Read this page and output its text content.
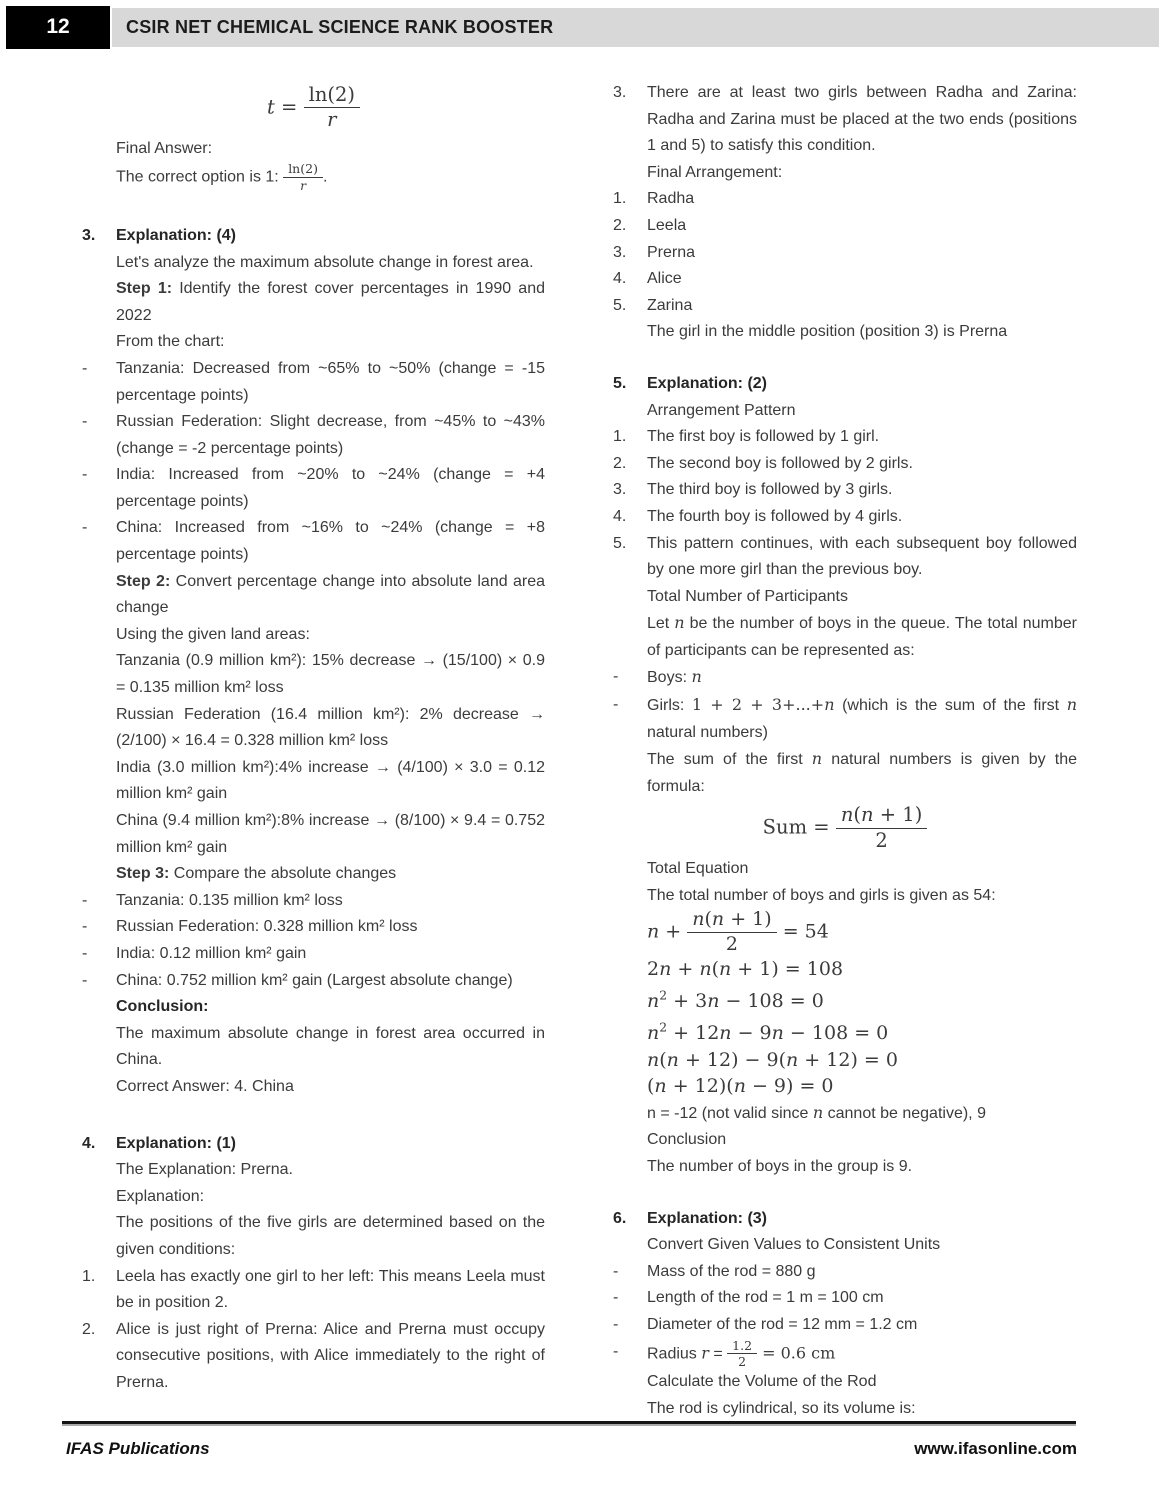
12	CSIR NET CHEMICAL SCIENCE RANK BOOSTER
$t = \frac{\ln(2)}{r}$
Final Answer:
The correct option is 1: $\frac{\ln(2)}{r}$ .
3.	Explanation: (4)
Let's analyze the maximum absolute change in forest area.
Step 1: Identify the forest cover percentages in 1990 and 2022
From the chart:
-	Tanzania: Decreased from ~65% to ~50% (change = -15 percentage points)
-	Russian Federation: Slight decrease, from ~45% to ~43% (change = -2 percentage points)
-	India: Increased from ~20% to ~24% (change = +4 percentage points)
-	China: Increased from ~16% to ~24% (change = +8 percentage points)
Step 2: Convert percentage change into absolute land area change
Using the given land areas:
Tanzania (0.9 million km²): 15% decrease → (15/100) × 0.9 = 0.135 million km² loss
Russian Federation (16.4 million km²): 2% decrease → (2/100) × 16.4 = 0.328 million km² loss
India (3.0 million km²):4% increase → (4/100) × 3.0 = 0.12 million km² gain
China (9.4 million km²):8% increase → (8/100) × 9.4 = 0.752 million km² gain
Step 3: Compare the absolute changes
-	Tanzania: 0.135 million km² loss
-	Russian Federation: 0.328 million km² loss
-	India: 0.12 million km² gain
-	China: 0.752 million km² gain (Largest absolute change)
Conclusion:
The maximum absolute change in forest area occurred in China.
Correct Answer: 4. China
4.	Explanation: (1)
The Explanation: Prerna.
Explanation:
The positions of the five girls are determined based on the given conditions:
1.	Leela has exactly one girl to her left: This means Leela must be in position 2.
2.	Alice is just right of Prerna: Alice and Prerna must occupy consecutive positions, with Alice immediately to the right of Prerna.
3.	There are at least two girls between Radha and Zarina: Radha and Zarina must be placed at the two ends (positions 1 and 5) to satisfy this condition.
Final Arrangement:
1.	Radha
2.	Leela
3.	Prerna
4.	Alice
5.	Zarina
The girl in the middle position (position 3) is Prerna
5.	Explanation: (2)
Arrangement Pattern
1.	The first boy is followed by 1 girl.
2.	The second boy is followed by 2 girls.
3.	The third boy is followed by 3 girls.
4.	The fourth boy is followed by 4 girls.
5.	This pattern continues, with each subsequent boy followed by one more girl than the previous boy.
Total Number of Participants
Let n be the number of boys in the queue. The total number of participants can be represented as:
-	Boys: n
-	Girls: 1 + 2 + 3+...+n (which is the sum of the first n natural numbers)
The sum of the first n natural numbers is given by the formula:
Sum = $\frac{n(n + 1)}{2}$
Total Equation
The total number of boys and girls is given as 54:
$n + \frac{n(n + 1)}{2} = 54$
2n + n(n + 1) = 108
$n^2 + 3n - 108 = 0$
$n^2 + 12n - 9n - 108 = 0$
n(n + 12) − 9(n + 12) = 0
(n + 12)(n − 9) = 0
n = -12 (not valid since n cannot be negative), 9
Conclusion
The number of boys in the group is 9.
6.	Explanation: (3)
Convert Given Values to Consistent Units
-	Mass of the rod = 880 g
-	Length of the rod = 1 m = 100 cm
-	Diameter of the rod = 12 mm = 1.2 cm
-	Radius $r = \frac{1.2}{2} = 0.6$ cm
Calculate the Volume of the Rod
The rod is cylindrical, so its volume is:
IFAS Publications	www.ifasonline.com
